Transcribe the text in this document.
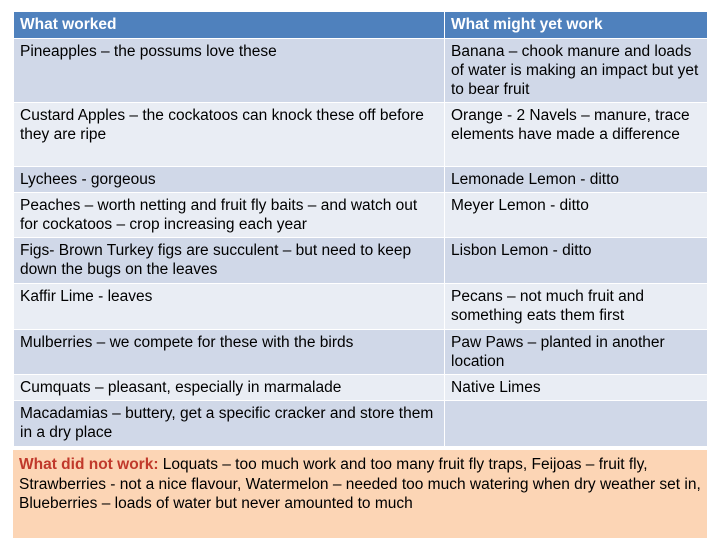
What worked	What might yet work
Pineapples – the possums love these	Banana – chook manure and loads of water is making an impact but yet to bear fruit
Custard Apples – the cockatoos can knock these off before they are ripe	Orange - 2 Navels – manure, trace elements have made a difference
Lychees - gorgeous	Lemonade Lemon - ditto
Peaches – worth netting and fruit fly baits – and watch out for cockatoos – crop increasing each year	Meyer Lemon - ditto
Figs- Brown Turkey figs are succulent – but need to keep down the bugs on the leaves	Lisbon Lemon - ditto
Kaffir Lime - leaves	Pecans – not much fruit and something eats them first
Mulberries – we compete for these with the birds	Paw Paws – planted in another location
Cumquats – pleasant, especially in marmalade	Native Limes
Macadamias – buttery, get a specific cracker and store them in a dry place	
What did not work: Loquats – too much work and too many fruit fly traps, Feijoas – fruit fly, Strawberries - not a nice flavour, Watermelon – needed too much watering when dry weather set in, Blueberries – loads of water but never amounted to much
